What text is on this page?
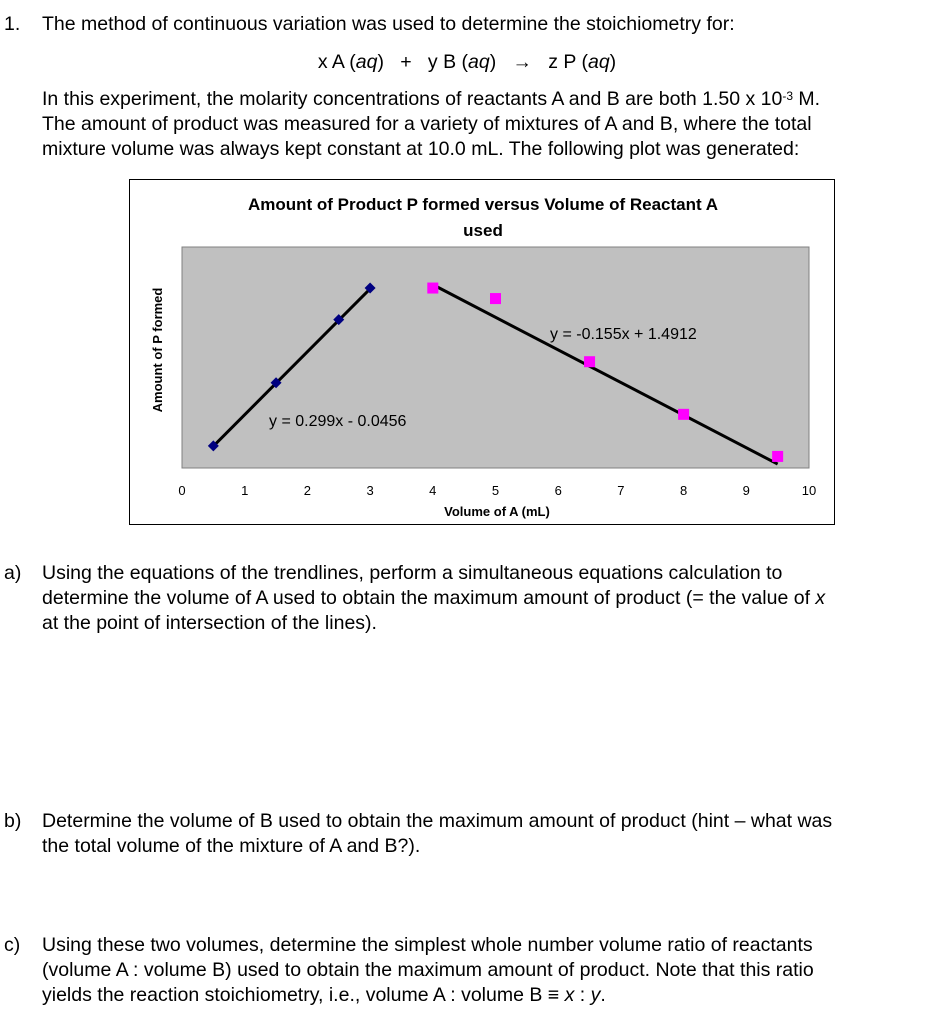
1. The method of continuous variation was used to determine the stoichiometry for:
x A (aq)   + y B (aq)   → z P (aq)
In this experiment, the molarity concentrations of reactants A and B are both 1.50 x $10^{-3}$ M.
The amount of product was measured for a variety of mixtures of A and B, where the total
mixture volume was always kept constant at 10.0 mL. The following plot was generated:
Amount of Product P formed versus Volume of Reactant A
used
0	1	2	3	4	5	6	7	8	9	10
y = 0.299x - 0.0456
y = -0.155x + 1.4912
Volume of A (mL)
Amount of P formed
a) Using the equations of the trendlines, perform a simultaneous equations calculation to
determine the volume of A used to obtain the maximum amount of product (= the value of x
at the point of intersection of the lines).
b) Determine the volume of B used to obtain the maximum amount of product (hint – what was
the total volume of the mixture of A and B?).
c) Using these two volumes, determine the simplest whole number volume ratio of reactants
(volume A : volume B) used to obtain the maximum amount of product. Note that this ratio
yields the reaction stoichiometry, i.e., volume A : volume B ≡ x : y.
